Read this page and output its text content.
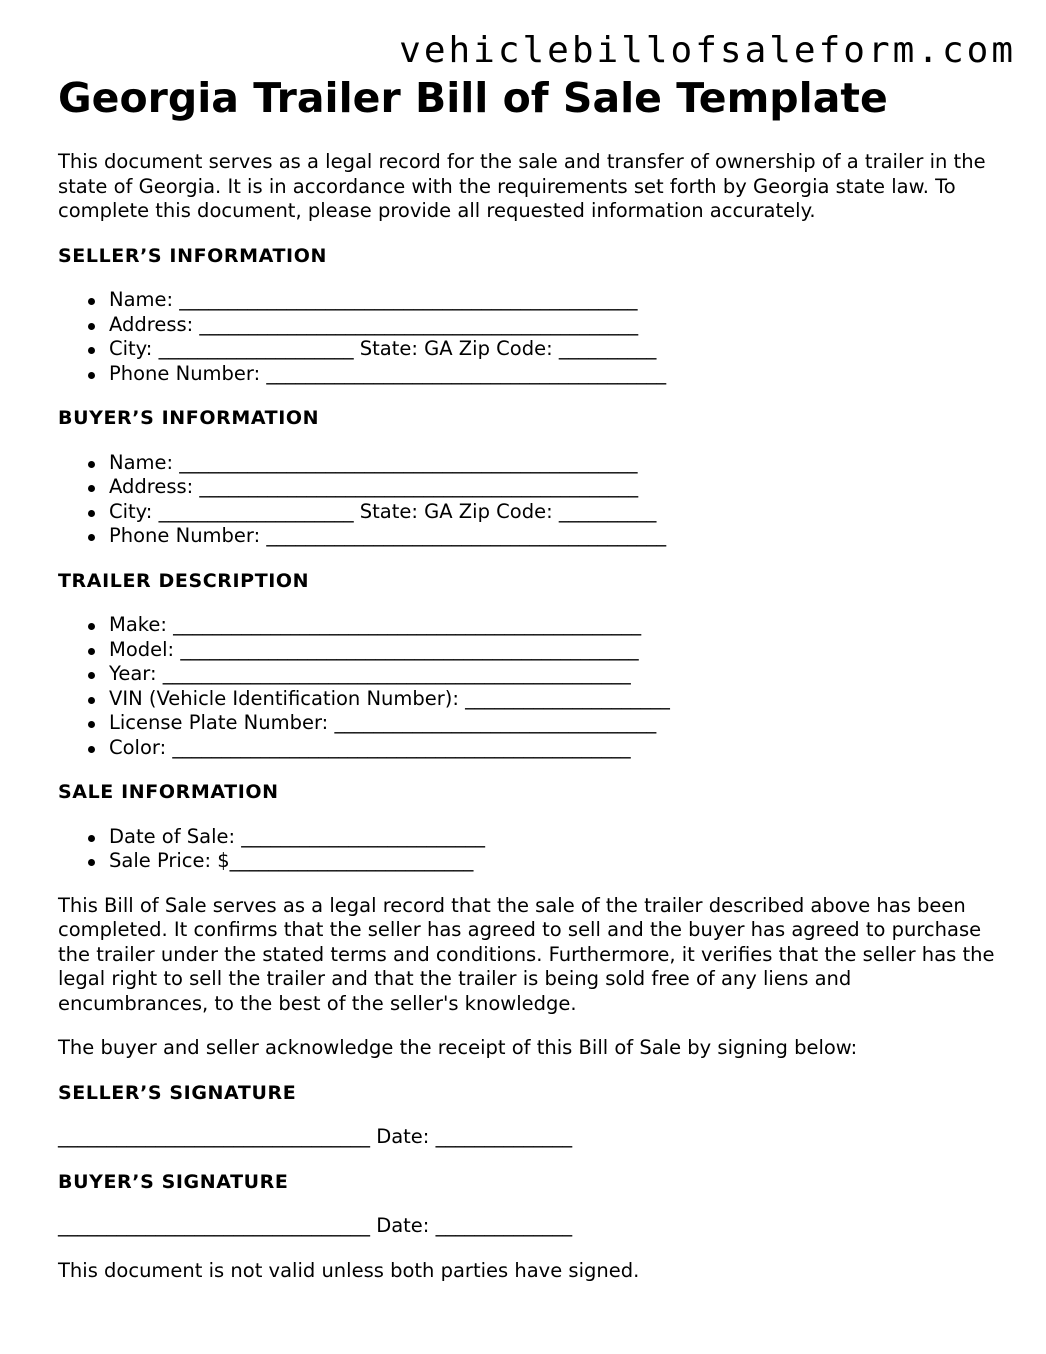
vehiclebillofsaleform.com
Georgia Trailer Bill of Sale Template

This document serves as a legal record for the sale and transfer of ownership of a trailer in the state of Georgia. It is in accordance with the requirements set forth by Georgia state law. To complete this document, please provide all requested information accurately.

SELLER’S INFORMATION
Name: _______________________________________________
Address: _____________________________________________
City: ____________________ State: GA Zip Code: __________
Phone Number: _________________________________________
BUYER’S INFORMATION
Name: _______________________________________________
Address: _____________________________________________
City: ____________________ State: GA Zip Code: __________
Phone Number: _________________________________________
TRAILER DESCRIPTION
Make: ________________________________________________
Model: _______________________________________________
Year: ________________________________________________
VIN (Vehicle Identification Number): _____________________
License Plate Number: _________________________________
Color: _______________________________________________
SALE INFORMATION
Date of Sale: _________________________
Sale Price: $_________________________

This Bill of Sale serves as a legal record that the sale of the trailer described above has been completed. It confirms that the seller has agreed to sell and the buyer has agreed to purchase the trailer under the stated terms and conditions. Furthermore, it verifies that the seller has the legal right to sell the trailer and that the trailer is being sold free of any liens and encumbrances, to the best of the seller's knowledge.

The buyer and seller acknowledge the receipt of this Bill of Sale by signing below:

SELLER’S SIGNATURE
________________________________ Date: ______________
BUYER’S SIGNATURE
________________________________ Date: ______________

This document is not valid unless both parties have signed.
